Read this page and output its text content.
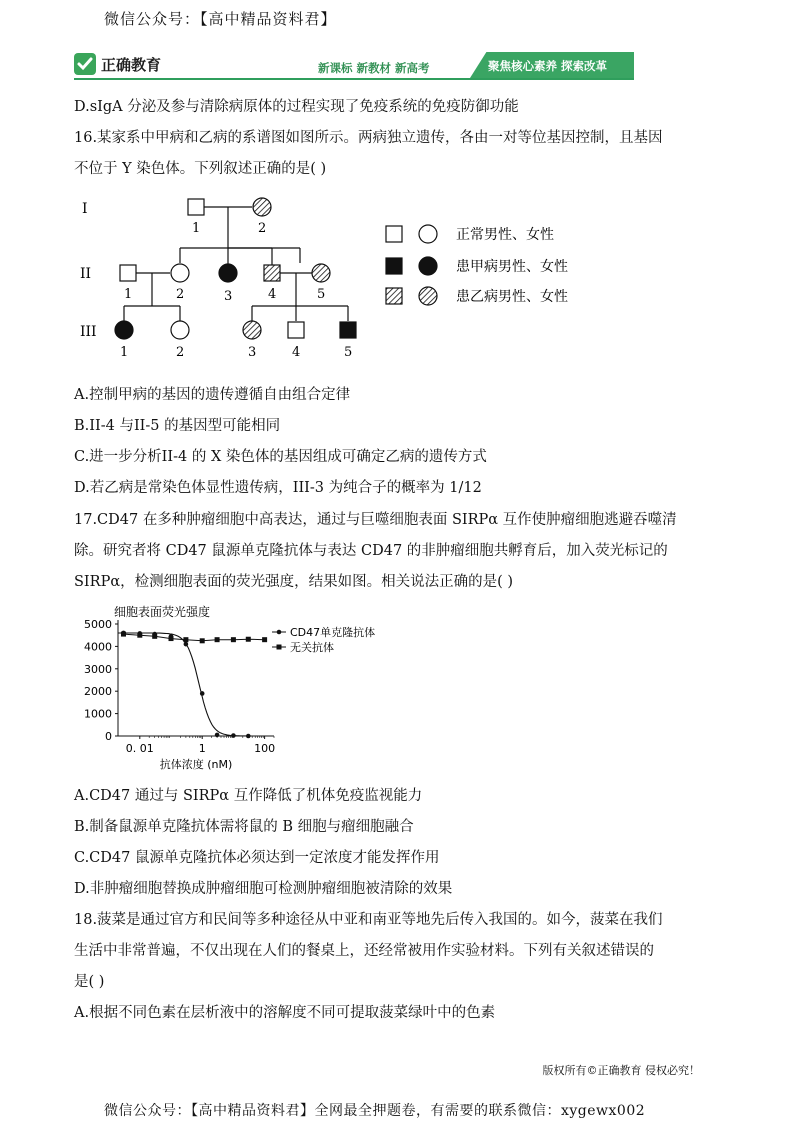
微信公众号：【高中精品资料君】
正确教育	新课标 新教材 新高考	聚焦核心素养 探索改革
D.sIgA 分泌及参与清除病原体的过程实现了免疫系统的免疫防御功能
16.某家系中甲病和乙病的系谱图如图所示。两病独立遗传，各由一对等位基因控制，且基因
不位于 Y 染色体。下列叙述正确的是( )
I
II
III
1	2
1	2	3	4	5
1	2	3	4	5
正常男性、女性
患甲病男性、女性
患乙病男性、女性
A.控制甲病的基因的遗传遵循自由组合定律
B.II-4 与II-5 的基因型可能相同
C.进一步分析II-4 的 X 染色体的基因组成可确定乙病的遗传方式
D.若乙病是常染色体显性遗传病，III-3 为纯合子的概率为 1/12
17.CD47 在多种肿瘤细胞中高表达，通过与巨噬细胞表面 SIRPα 互作使肿瘤细胞逃避吞噬清
除。研究者将 CD47 鼠源单克隆抗体与表达 CD47 的非肿瘤细胞共孵育后，加入荧光标记的
SIRPα，检测细胞表面的荧光强度，结果如图。相关说法正确的是( )
细胞表面荧光强度
5000
4000
3000
2000
1000
0
0. 01	1	100
抗体浓度 (nM)
CD47单克隆抗体
无关抗体
A.CD47 通过与 SIRPα 互作降低了机体免疫监视能力
B.制备鼠源单克隆抗体需将鼠的 B 细胞与瘤细胞融合
C.CD47 鼠源单克隆抗体必须达到一定浓度才能发挥作用
D.非肿瘤细胞替换成肿瘤细胞可检测肿瘤细胞被清除的效果
18.菠菜是通过官方和民间等多种途径从中亚和南亚等地先后传入我国的。如今，菠菜在我们
生活中非常普遍，不仅出现在人们的餐桌上，还经常被用作实验材料。下列有关叙述错误的
是( )
A.根据不同色素在层析液中的溶解度不同可提取菠菜绿叶中的色素
版权所有©正确教育 侵权必究！
微信公众号：【高中精品资料君】全网最全押题卷，有需要的联系微信：xygewx002
